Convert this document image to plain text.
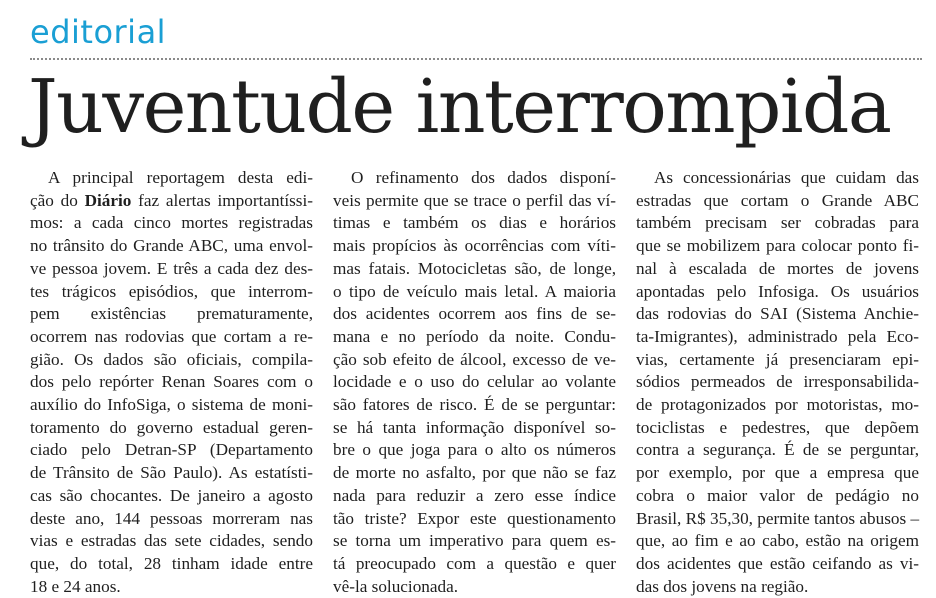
editorial
Juventude interrompida
A principal reportagem desta edi-
ção do Diário faz alertas importantíssi-
mos: a cada cinco mortes registradas
no trânsito do Grande ABC, uma envol-
ve pessoa jovem. E três a cada dez des-
tes trágicos episódios, que interrom-
pem existências prematuramente,
ocorrem nas rodovias que cortam a re-
gião. Os dados são oficiais, compila-
dos pelo repórter Renan Soares com o
auxílio do InfoSiga, o sistema de moni-
toramento do governo estadual geren-
ciado pelo Detran-SP (Departamento
de Trânsito de São Paulo). As estatísti-
cas são chocantes. De janeiro a agosto
deste ano, 144 pessoas morreram nas
vias e estradas das sete cidades, sendo
que, do total, 28 tinham idade entre
18 e 24 anos.
O refinamento dos dados disponí-
veis permite que se trace o perfil das ví-
timas e também os dias e horários
mais propícios às ocorrências com víti-
mas fatais. Motocicletas são, de longe,
o tipo de veículo mais letal. A maioria
dos acidentes ocorrem aos fins de se-
mana e no período da noite. Condu-
ção sob efeito de álcool, excesso de ve-
locidade e o uso do celular ao volante
são fatores de risco. É de se perguntar:
se há tanta informação disponível so-
bre o que joga para o alto os números
de morte no asfalto, por que não se faz
nada para reduzir a zero esse índice
tão triste? Expor este questionamento
se torna um imperativo para quem es-
tá preocupado com a questão e quer
vê-la solucionada.
As concessionárias que cuidam das
estradas que cortam o Grande ABC
também precisam ser cobradas para
que se mobilizem para colocar ponto fi-
nal à escalada de mortes de jovens
apontadas pelo Infosiga. Os usuários
das rodovias do SAI (Sistema Anchie-
ta-Imigrantes), administrado pela Eco-
vias, certamente já presenciaram epi-
sódios permeados de irresponsabilida-
de protagonizados por motoristas, mo-
tociclistas e pedestres, que depõem
contra a segurança. É de se perguntar,
por exemplo, por que a empresa que
cobra o maior valor de pedágio no
Brasil, R$ 35,30, permite tantos abusos –
que, ao fim e ao cabo, estão na origem
dos acidentes que estão ceifando as vi-
das dos jovens na região.
